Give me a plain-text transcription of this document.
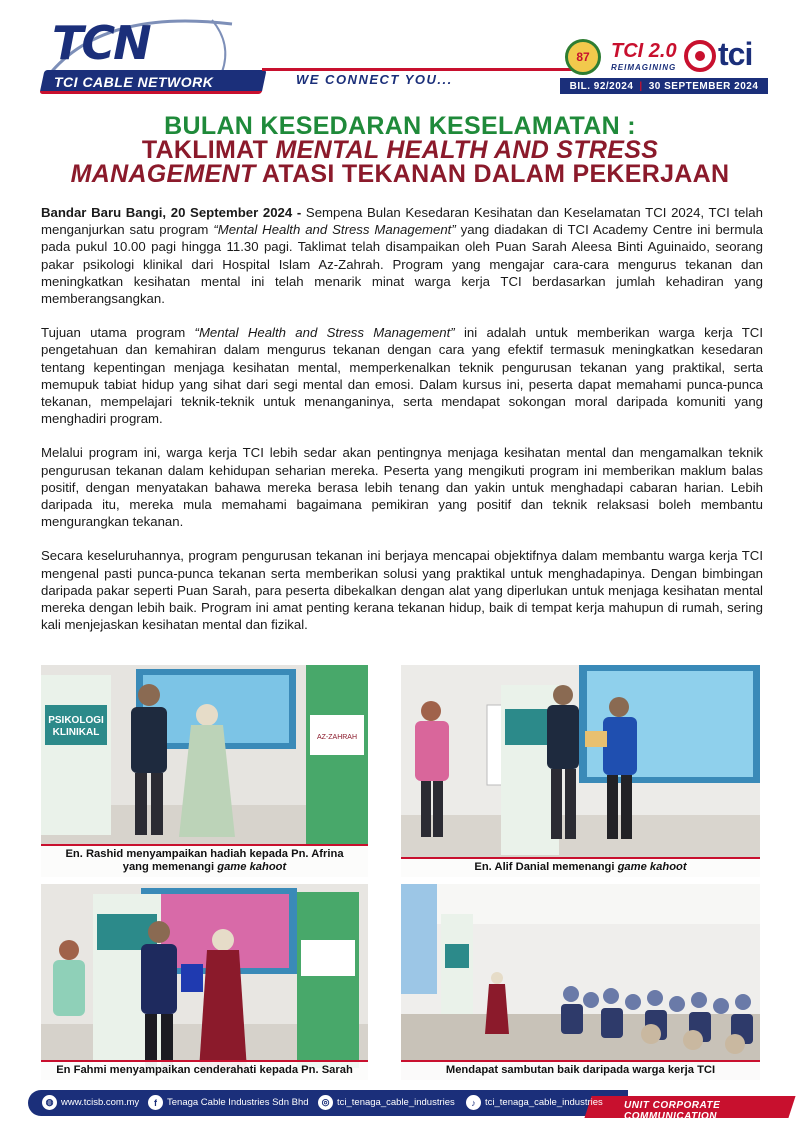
TCN
TCI CABLE NETWORK	WE CONNECT YOU...
87	TCI 2.0
REIMAGINING tci
BIL. 92/2024 | 30 SEPTEMBER 2024
BULAN KESEDARAN KESELAMATAN :
TAKLIMAT MENTAL HEALTH AND STRESS
MANAGEMENT ATASI TEKANAN DALAM PEKERJAAN

Bandar Baru Bangi, 20 September 2024 - Sempena Bulan Kesedaran Kesihatan dan Keselamatan TCI 2024, TCI telah menganjurkan satu program “Mental Health and Stress Management” yang diadakan di TCI Academy Centre ini bermula pada pukul 10.00 pagi hingga 11.30 pagi. Taklimat telah disampaikan oleh Puan Sarah Aleesa Binti Aguinaido, seorang pakar psikologi klinikal dari Hospital Islam Az-Zahrah. Program yang mengajar cara-cara mengurus tekanan dan meningkatkan kesihatan mental ini telah menarik minat warga kerja TCI berdasarkan jumlah kehadiran yang memberangsangkan.

Tujuan utama program “Mental Health and Stress Management” ini adalah untuk memberikan warga kerja TCI pengetahuan dan kemahiran dalam mengurus tekanan dengan cara yang efektif termasuk meningkatkan kesedaran tentang kepentingan menjaga kesihatan mental, memperkenalkan teknik pengurusan tekanan yang praktikal, serta memupuk tabiat hidup yang sihat dari segi mental dan emosi. Dalam kursus ini, peserta dapat memahami punca-punca tekanan, mempelajari teknik-teknik untuk menanganinya, serta mendapat sokongan moral daripada komuniti yang menghadiri program.

Melalui program ini, warga kerja TCI lebih sedar akan pentingnya menjaga kesihatan mental dan mengamalkan teknik pengurusan tekanan dalam kehidupan seharian mereka. Peserta yang mengikuti program ini memberikan maklum balas positif, dengan menyatakan bahawa mereka berasa lebih tenang dan yakin untuk menghadapi cabaran harian. Lebih daripada itu, mereka mula memahami bagaimana pemikiran yang positif dan teknik relaksasi boleh membantu mengurangkan tekanan.

Secara keseluruhannya, program pengurusan tekanan ini berjaya mencapai objektifnya dalam membantu warga kerja TCI mengenal pasti punca-punca tekanan serta memberikan solusi yang praktikal untuk menghadapinya. Dengan bimbingan daripada pakar seperti Puan Sarah, para peserta dibekalkan dengan alat yang diperlukan untuk menjaga kesihatan mental mereka dengan lebih baik. Program ini amat penting kerana tekanan hidup, baik di tempat kerja mahupun di rumah, sering kali menjejaskan kesihatan mental dan fizikal.

PSIKOLOGI
KLINIKAL	AZ-ZAHRAH
En. Rashid menyampaikan hadiah kepada Pn. Afrina
yang memenangi game kahoot	En. Alif Danial memenangi game kahoot
En Fahmi menyampaikan cenderahati kepada Pn. Sarah	Mendapat sambutan baik daripada warga kerja TCI
◍ www.tcisb.com.my	f	Tenaga Cable Industries Sdn Bhd	◎ tci_tenaga_cable_industries	♪ tci_tenaga_cable_industries UNIT CORPORATE COMMUNICATION
